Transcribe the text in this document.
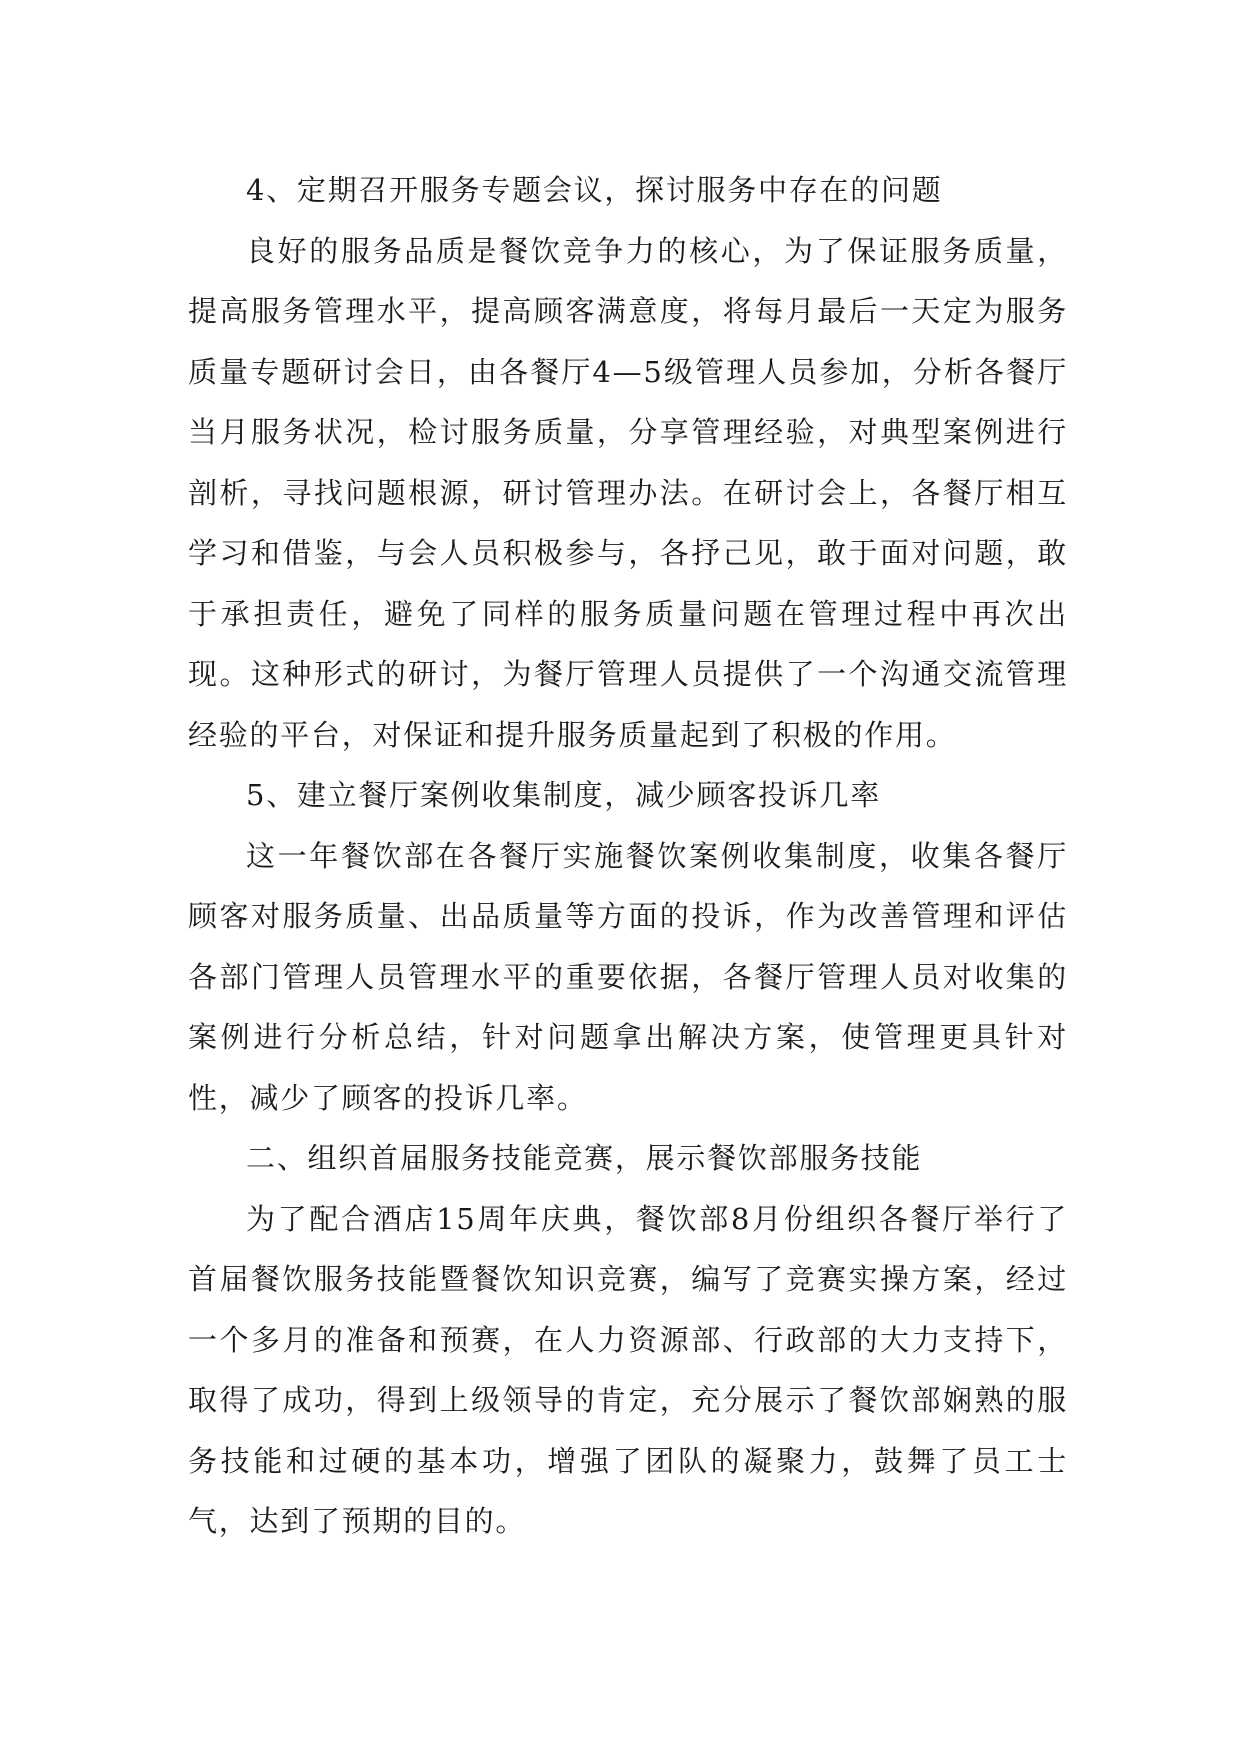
4、定期召开服务专题会议，探讨服务中存在的问题

良好的服务品质是餐饮竞争力的核心，为了保证服务质量，提高服务管理水平，提高顾客满意度，将每月最后一天定为服务质量专题研讨会日，由各餐厅4—5级管理人员参加，分析各餐厅当月服务状况，检讨服务质量，分享管理经验，对典型案例进行剖析，寻找问题根源，研讨管理办法。在研讨会上，各餐厅相互学习和借鉴，与会人员积极参与，各抒己见，敢于面对问题，敢于承担责任，避免了同样的服务质量问题在管理过程中再次出现。这种形式的研讨，为餐厅管理人员提供了一个沟通交流管理经验的平台，对保证和提升服务质量起到了积极的作用。

5、建立餐厅案例收集制度，减少顾客投诉几率

这一年餐饮部在各餐厅实施餐饮案例收集制度，收集各餐厅顾客对服务质量、出品质量等方面的投诉，作为改善管理和评估各部门管理人员管理水平的重要依据，各餐厅管理人员对收集的案例进行分析总结，针对问题拿出解决方案，使管理更具针对性，减少了顾客的投诉几率。

二、组织首届服务技能竞赛，展示餐饮部服务技能

为了配合酒店15周年庆典，餐饮部8月份组织各餐厅举行了首届餐饮服务技能暨餐饮知识竞赛，编写了竞赛实操方案，经过一个多月的准备和预赛，在人力资源部、行政部的大力支持下，取得了成功，得到上级领导的肯定，充分展示了餐饮部娴熟的服务技能和过硬的基本功，增强了团队的凝聚力，鼓舞了员工士气，达到了预期的目的。
